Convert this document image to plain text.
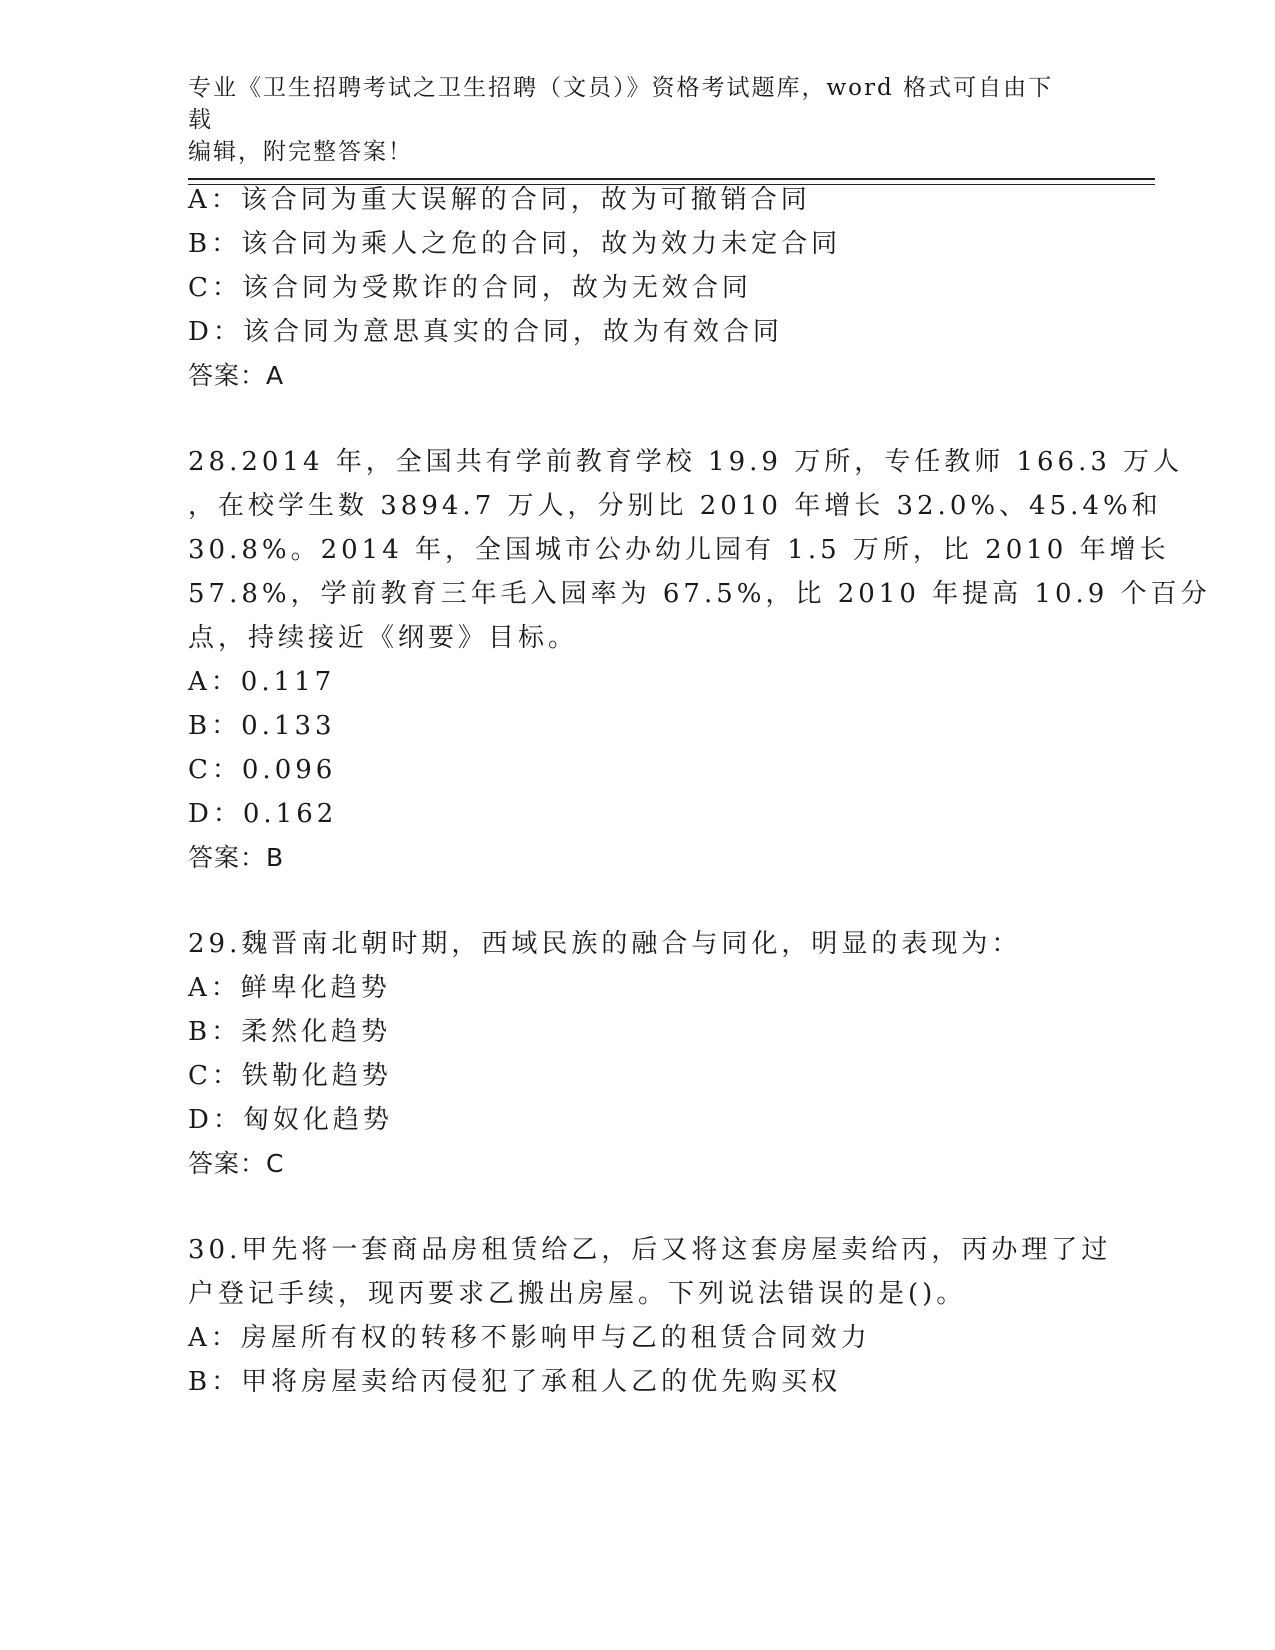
专业《卫生招聘考试之卫生招聘（文员）》资格考试题库，word 格式可自由下载
编辑，附完整答案！
A：该合同为重大误解的合同，故为可撤销合同
B：该合同为乘人之危的合同，故为效力未定合同
C：该合同为受欺诈的合同，故为无效合同
D：该合同为意思真实的合同，故为有效合同
答案：A
28.2014 年，全国共有学前教育学校 19.9 万所，专任教师 166.3 万人
，在校学生数 3894.7 万人，分别比 2010 年增长 32.0%、45.4%和
30.8%。2014 年，全国城市公办幼儿园有 1.5 万所，比 2010 年增长
57.8%，学前教育三年毛入园率为 67.5%，比 2010 年提高 10.9 个百分
点，持续接近《纲要》目标。
A：0.117
B：0.133
C：0.096
D：0.162
答案：B
29.魏晋南北朝时期，西域民族的融合与同化，明显的表现为：
A：鲜卑化趋势
B：柔然化趋势
C：铁勒化趋势
D：匈奴化趋势
答案：C
30.甲先将一套商品房租赁给乙，后又将这套房屋卖给丙，丙办理了过
户登记手续，现丙要求乙搬出房屋。下列说法错误的是()。
A：房屋所有权的转移不影响甲与乙的租赁合同效力
B：甲将房屋卖给丙侵犯了承租人乙的优先购买权
